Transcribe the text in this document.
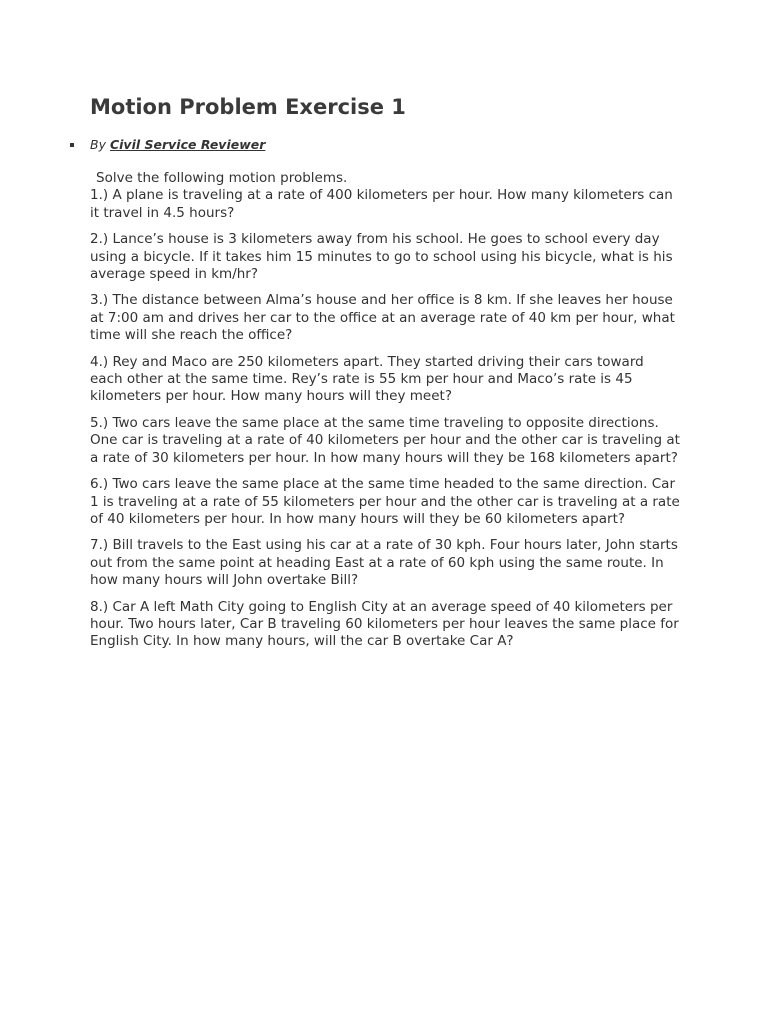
Motion Problem Exercise 1
By Civil Service Reviewer

Solve the following motion problems.
1.) A plane is traveling at a rate of 400 kilometers per hour. How many kilometers can it travel in 4.5 hours?

2.) Lance’s house is 3 kilometers away from his school. He goes to school every day using a bicycle. If it takes him 15 minutes to go to school using his bicycle, what is his average speed in km/hr?

3.) The distance between Alma’s house and her office is 8 km. If she leaves her house at 7:00 am and drives her car to the office at an average rate of 40 km per hour, what time will she reach the office?

4.) Rey and Maco are 250 kilometers apart. They started driving their cars toward each other at the same time. Rey’s rate is 55 km per hour and Maco’s rate is 45 kilometers per hour. How many hours will they meet?

5.) Two cars leave the same place at the same time traveling to opposite directions. One car is traveling at a rate of 40 kilometers per hour and the other car is traveling at a rate of 30 kilometers per hour. In how many hours will they be 168 kilometers apart?

6.) Two cars leave the same place at the same time headed to the same direction. Car 1 is traveling at a rate of 55 kilometers per hour and the other car is traveling at a rate of 40 kilometers per hour. In how many hours will they be 60 kilometers apart?

7.) Bill travels to the East using his car at a rate of 30 kph. Four hours later, John starts out from the same point at heading East at a rate of 60 kph using the same route. In how many hours will John overtake Bill?

8.) Car A left Math City going to English City at an average speed of 40 kilometers per hour. Two hours later, Car B traveling 60 kilometers per hour leaves the same place for English City. In how many hours, will the car B overtake Car A?
